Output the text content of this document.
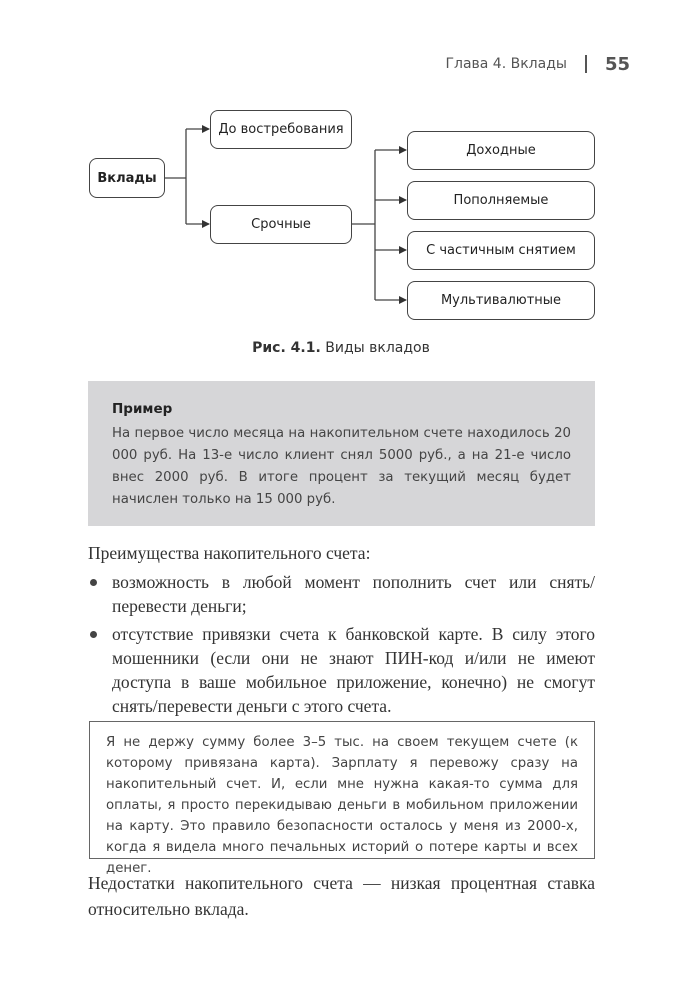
Глава 4. Вклады 55
Вклады
До востребования
Срочные
Доходные
Пополняемые
С частичным снятием
Мультивалютные
Рис. 4.1. Виды вкладов
Пример
На первое число месяца на накопительном счете находилось 20 000 руб. На 13-е число клиент снял 5000 руб., а на 21-е число внес 2000 руб. В итоге процент за текущий месяц будет начислен только на 15 000 руб.
Преимущества накопительного счета:
возможность в любой момент пополнить счет или снять/перевести деньги;
отсутствие привязки счета к банковской карте. В силу этого мошенники (если они не знают ПИН-код и/или не имеют доступа в ваше мобильное приложение, конечно) не смогут снять/перевести деньги с этого счета.
Я не держу сумму более 3–5 тыс. на своем текущем счете (к которому привязана карта). Зарплату я перевожу сразу на накопительный счет. И, если мне нужна какая-то сумма для оплаты, я просто перекидываю деньги в мобильном приложении на карту. Это правило безопасности осталось у меня из 2000-х, когда я видела много печальных историй о потере карты и всех денег.
Недостатки накопительного счета — низкая процентная ставка относительно вклада.
